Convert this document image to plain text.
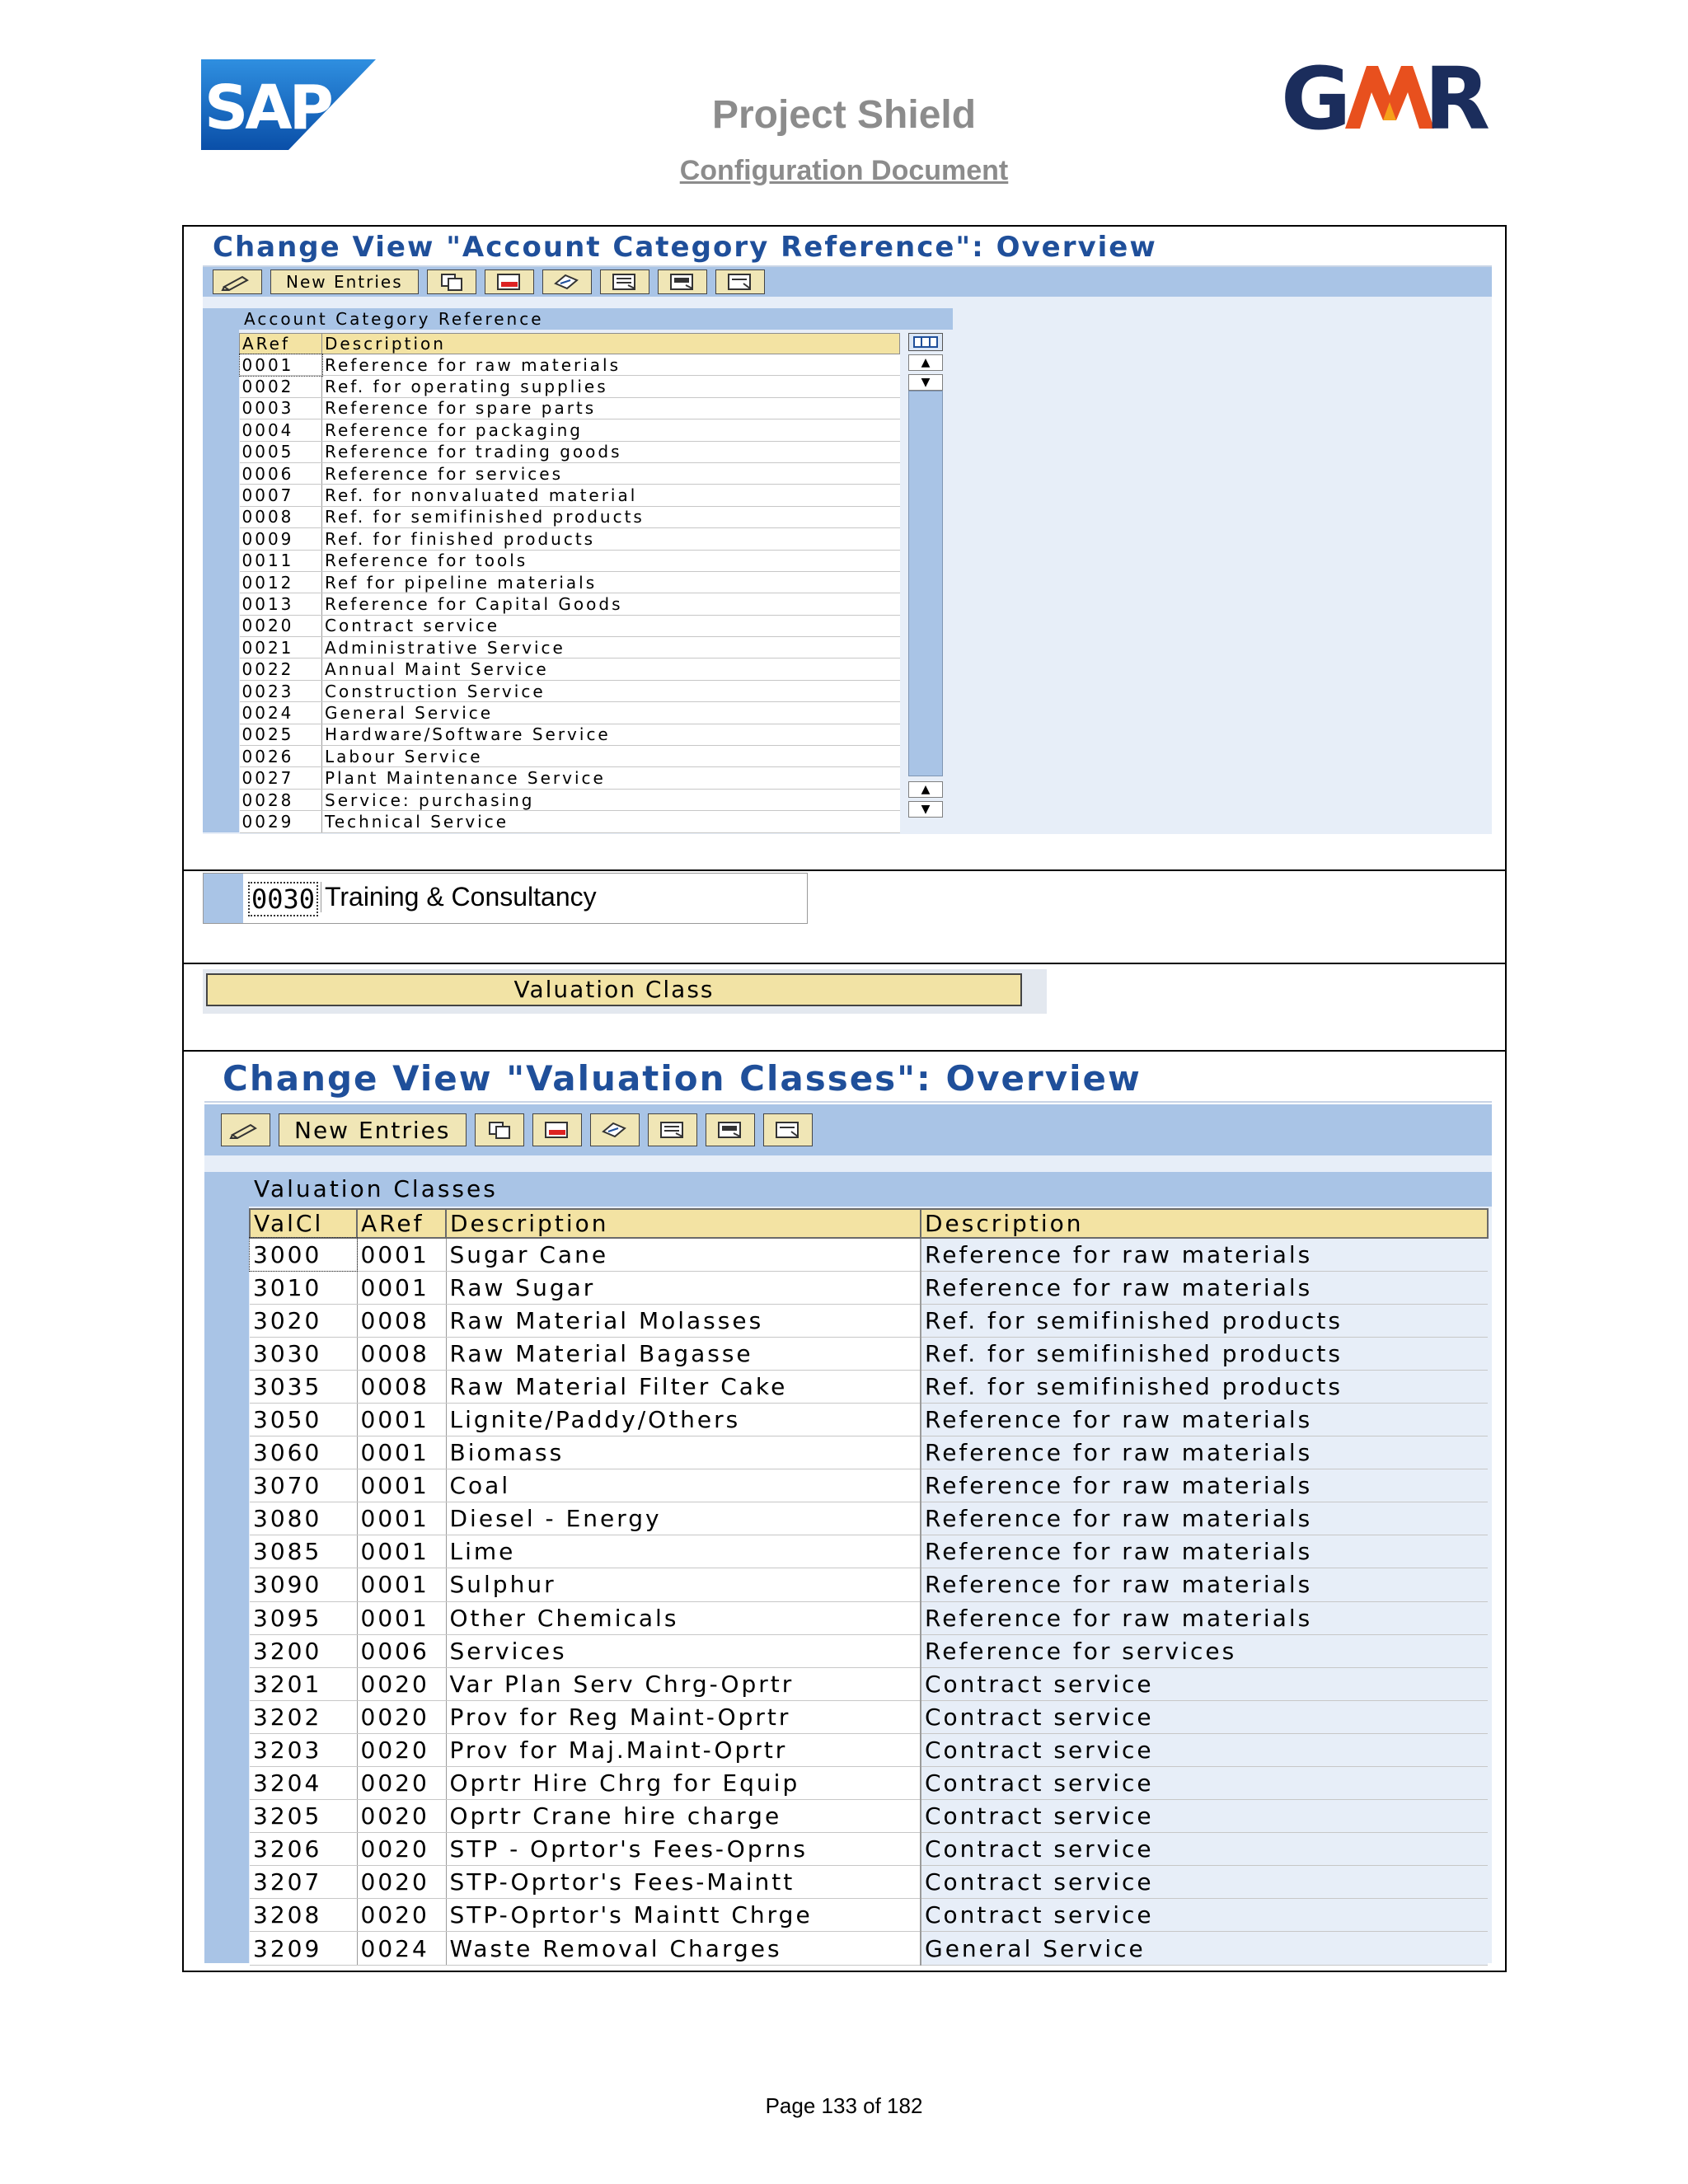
SAP	G R
Project Shield
Configuration Document
Change View "Account Category Reference": Overview
New Entries
Account Category Reference
ARef	Description
0001	Reference for raw materials
0002	Ref. for operating supplies
0003	Reference for spare parts
0004	Reference for packaging
0005	Reference for trading goods
0006	Reference for services
0007	Ref. for nonvaluated material
0008	Ref. for semifinished products
0009	Ref. for finished products
0011	Reference for tools
0012	Ref for pipeline materials
0013	Reference for Capital Goods
0020	Contract service
0021	Administrative Service
0022	Annual Maint Service
0023	Construction Service
0024	General Service
0025	Hardware/Software Service
0026	Labour Service
0027	Plant Maintenance Service
0028	Service: purchasing
0029	Technical Service
▲
▼
▲
▼
0030 Training & Consultancy
Valuation Class
Change View "Valuation Classes": Overview
New Entries
Valuation Classes
ValCl	ARef	Description	Description
3000	0001	Sugar Cane	Reference for raw materials
3010	0001	Raw Sugar	Reference for raw materials
3020	0008	Raw Material Molasses	Ref. for semifinished products
3030	0008	Raw Material Bagasse	Ref. for semifinished products
3035	0008	Raw Material Filter Cake	Ref. for semifinished products
3050	0001	Lignite/Paddy/Others	Reference for raw materials
3060	0001	Biomass	Reference for raw materials
3070	0001	Coal	Reference for raw materials
3080	0001	Diesel - Energy	Reference for raw materials
3085	0001	Lime	Reference for raw materials
3090	0001	Sulphur	Reference for raw materials
3095	0001	Other Chemicals	Reference for raw materials
3200	0006	Services	Reference for services
3201	0020	Var Plan Serv Chrg-Oprtr	Contract service
3202	0020	Prov for Reg Maint-Oprtr	Contract service
3203	0020	Prov for Maj.Maint-Oprtr	Contract service
3204	0020	Oprtr Hire Chrg for Equip	Contract service
3205	0020	Oprtr Crane hire charge	Contract service
3206	0020	STP - Oprtor's Fees-Oprns	Contract service
3207	0020	STP-Oprtor's Fees-Maintt	Contract service
3208	0020	STP-Oprtor's Maintt Chrge	Contract service
3209	0024	Waste Removal Charges	General Service
Page 133 of 182
